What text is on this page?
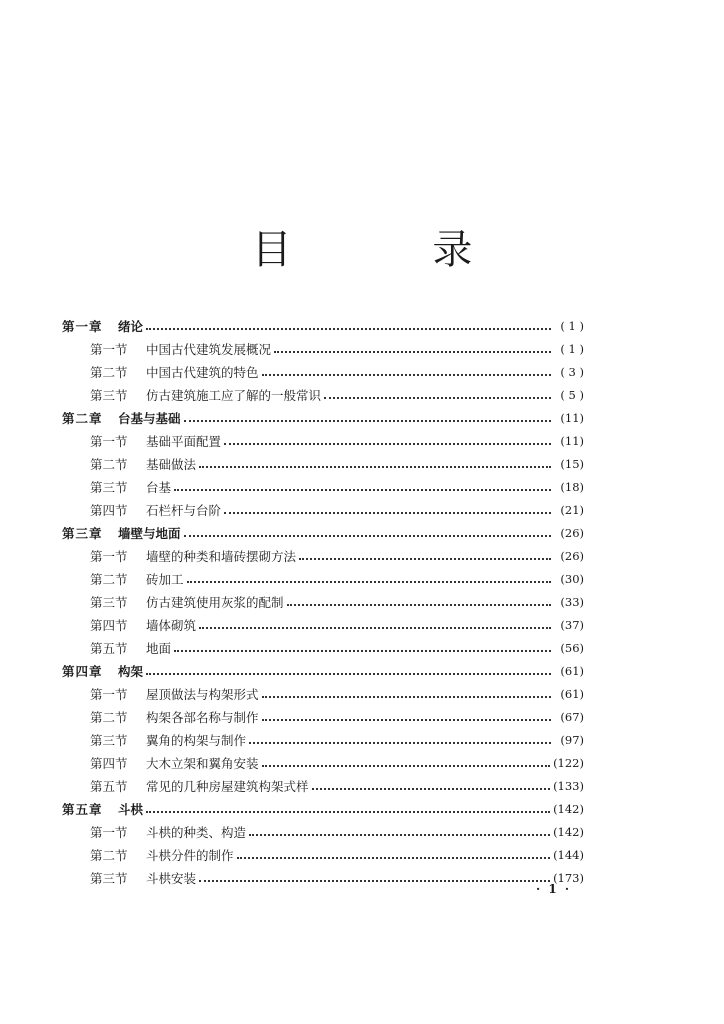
目 录
第一章	绪论	( 1 )
第一节	中国古代建筑发展概况	( 1 )
第二节	中国古代建筑的特色	( 3 )
第三节	仿古建筑施工应了解的一般常识	( 5 )
第二章	台基与基础	(11)
第一节	基础平面配置	(11)
第二节	基础做法	(15)
第三节	台基	(18)
第四节	石栏杆与台阶	(21)
第三章	墙壁与地面	(26)
第一节	墙壁的种类和墙砖摆砌方法	(26)
第二节	砖加工	(30)
第三节	仿古建筑使用灰浆的配制	(33)
第四节	墙体砌筑	(37)
第五节	地面	(56)
第四章	构架	(61)
第一节	屋顶做法与构架形式	(61)
第二节	构架各部名称与制作	(67)
第三节	翼角的构架与制作	(97)
第四节	大木立架和翼角安装	(122)
第五节	常见的几种房屋建筑构架式样	(133)
第五章	斗栱	(142)
第一节	斗栱的种类、构造	(142)
第二节	斗栱分件的制作	(144)
第三节	斗栱安装	(173)
· 1 ·
